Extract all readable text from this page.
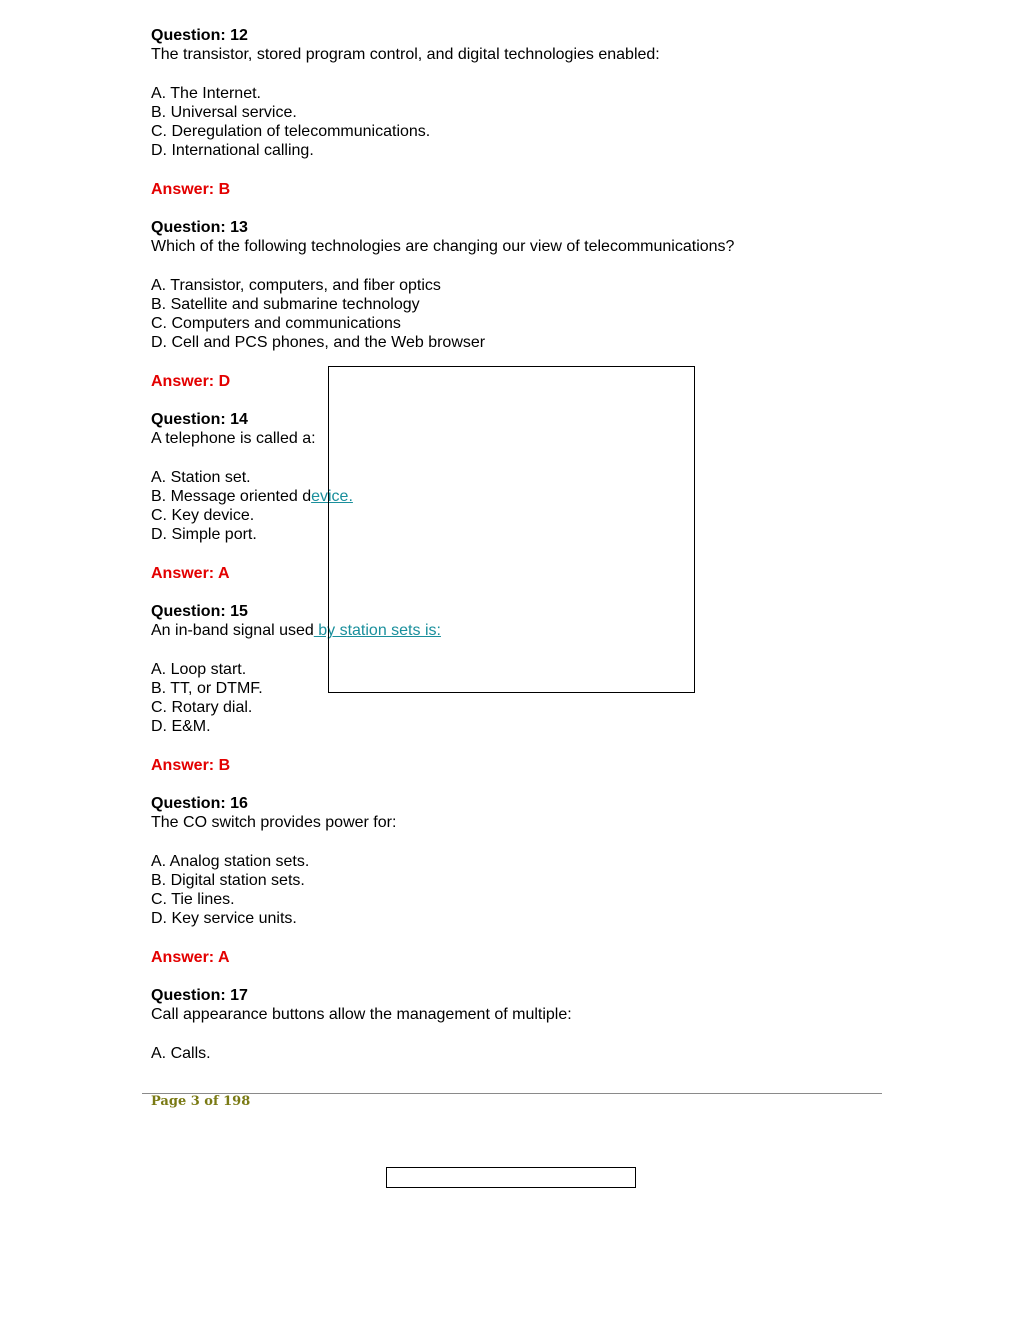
Question: 12
The transistor, stored program control, and digital technologies enabled:
A. The Internet.
B. Universal service.
C. Deregulation of telecommunications.
D. International calling.
Answer: B
Question: 13
Which of the following technologies are changing our view of telecommunications?
A. Transistor, computers, and fiber optics
B. Satellite and submarine technology
C. Computers and communications
D. Cell and PCS phones, and the Web browser
Answer: D
Question: 14
A telephone is called a:
A. Station set.
B. Message oriented device.
C. Key device.
D. Simple port.
Answer: A
Question: 15
An in-band signal used by station sets is:
A. Loop start.
B. TT, or DTMF.
C. Rotary dial.
D. E&M.
Answer: B
Question: 16
The CO switch provides power for:
A. Analog station sets.
B. Digital station sets.
C. Tie lines.
D. Key service units.
Answer: A
Question: 17
Call appearance buttons allow the management of multiple:
A. Calls.
Page 3 of 198
